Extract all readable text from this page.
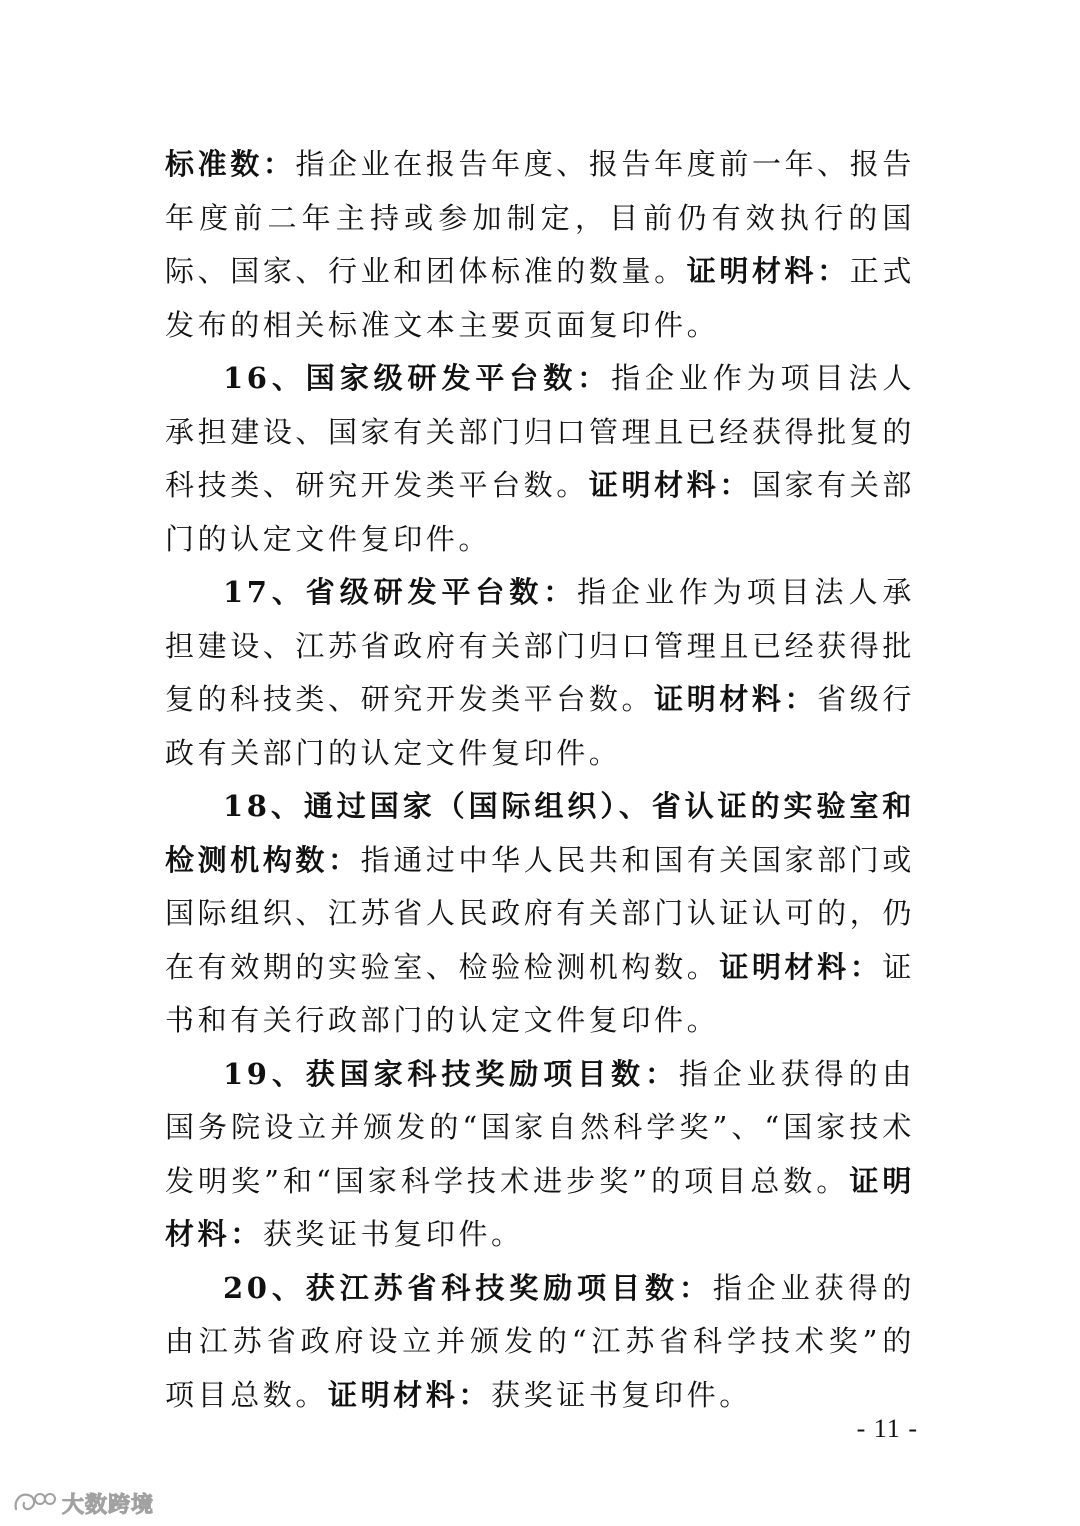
标准数：指企业在报告年度、报告年度前一年、报告年度前二年主持或参加制定，目前仍有效执行的国际、国家、行业和团体标准的数量。证明材料：正式发布的相关标准文本主要页面复印件。

16、国家级研发平台数：指企业作为项目法人承担建设、国家有关部门归口管理且已经获得批复的科技类、研究开发类平台数。证明材料：国家有关部门的认定文件复印件。

17、省级研发平台数：指企业作为项目法人承担建设、江苏省政府有关部门归口管理且已经获得批复的科技类、研究开发类平台数。证明材料：省级行政有关部门的认定文件复印件。

18、通过国家（国际组织）、省认证的实验室和检测机构数：指通过中华人民共和国有关国家部门或国际组织、江苏省人民政府有关部门认证认可的，仍在有效期的实验室、检验检测机构数。证明材料：证书和有关行政部门的认定文件复印件。

19、获国家科技奖励项目数：指企业获得的由国务院设立并颁发的“国家自然科学奖”、“国家技术发明奖”和“国家科学技术进步奖”的项目总数。证明材料：获奖证书复印件。

20、获江苏省科技奖励项目数：指企业获得的由江苏省政府设立并颁发的“江苏省科学技术奖”的项目总数。证明材料：获奖证书复印件。

- 11 -
大数跨境
